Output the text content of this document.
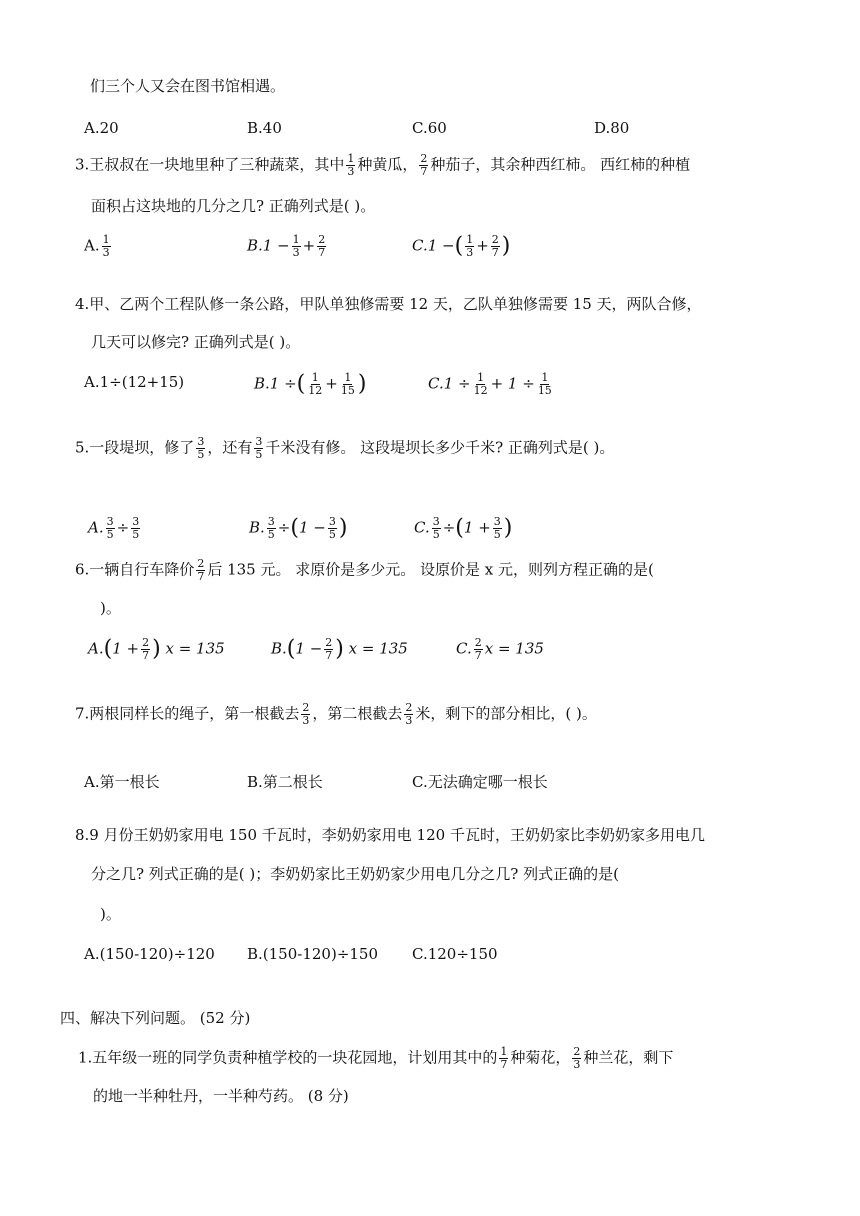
们三个人又会在图书馆相遇。
A.20	B.40	C.60	D.80
3.王叔叔在一块地里种了三种蔬菜，其中 $\frac{1}{3}$ 种黄瓜， $\frac{2}{7}$ 种茄子，其余种西红柿。 西红柿的种植
面积占这块地的几分之几? 正确列式是( )。
A. $\frac{1}{3}$	$B.1 - \frac{1}{3} + \frac{2}{7}$	C.1 −( $\frac{1}{3} + \frac{2}{7}$ )
4.甲、乙两个工程队修一条公路，甲队单独修需要 12 天，乙队单独修需要 15 天，两队合修，
几天可以修完? 正确列式是( )。
A.1÷(12+15)	B.1 ÷( $\frac{1}{12} + \frac{1}{15}$ )	$C.1 \div \frac{1}{12} + 1 \div \frac{1}{15}$
5.一段堤坝，修了 $\frac{3}{5}$ ，还有 $\frac{3}{5}$ 千米没有修。 这段堤坝长多少千米? 正确列式是( )。
A. $\frac{3}{5} \div \frac{3}{5}$	B. $\frac{3}{5} \div(1 - \frac{3}{5}$ )	C. $\frac{3}{5} \div(1 + \frac{3}{5}$ )
6.一辆自行车降价 $\frac{2}{7}$ 后 135 元。 求原价是多少元。 设原价是 x 元，则列方程正确的是(
)。
$A.(1 + \frac{2}{7}$ ) x = 135	$B.(1 - \frac{2}{7}$ ) x = 135	C. $\frac{2}{7}$ x = 135
7.两根同样长的绳子，第一根截去 $\frac{2}{3}$ ，第二根截去 $\frac{2}{3}$ 米，剩下的部分相比，( )。
A.第一根长	B.第二根长	C.无法确定哪一根长
8.9 月份王奶奶家用电 150 千瓦时，李奶奶家用电 120 千瓦时，王奶奶家比李奶奶家多用电几
分之几? 列式正确的是( )；李奶奶家比王奶奶家少用电几分之几? 列式正确的是(
)。
A.(150-120)÷120 B.(150-120)÷150 C.120÷150
四、解决下列问题。 (52 分)
1.五年级一班的同学负责种植学校的一块花园地，计划用其中的 $\frac{1}{7}$ 种菊花， $\frac{2}{3}$ 种兰花，剩下
的地一半种牡丹，一半种芍药。 (8 分)
